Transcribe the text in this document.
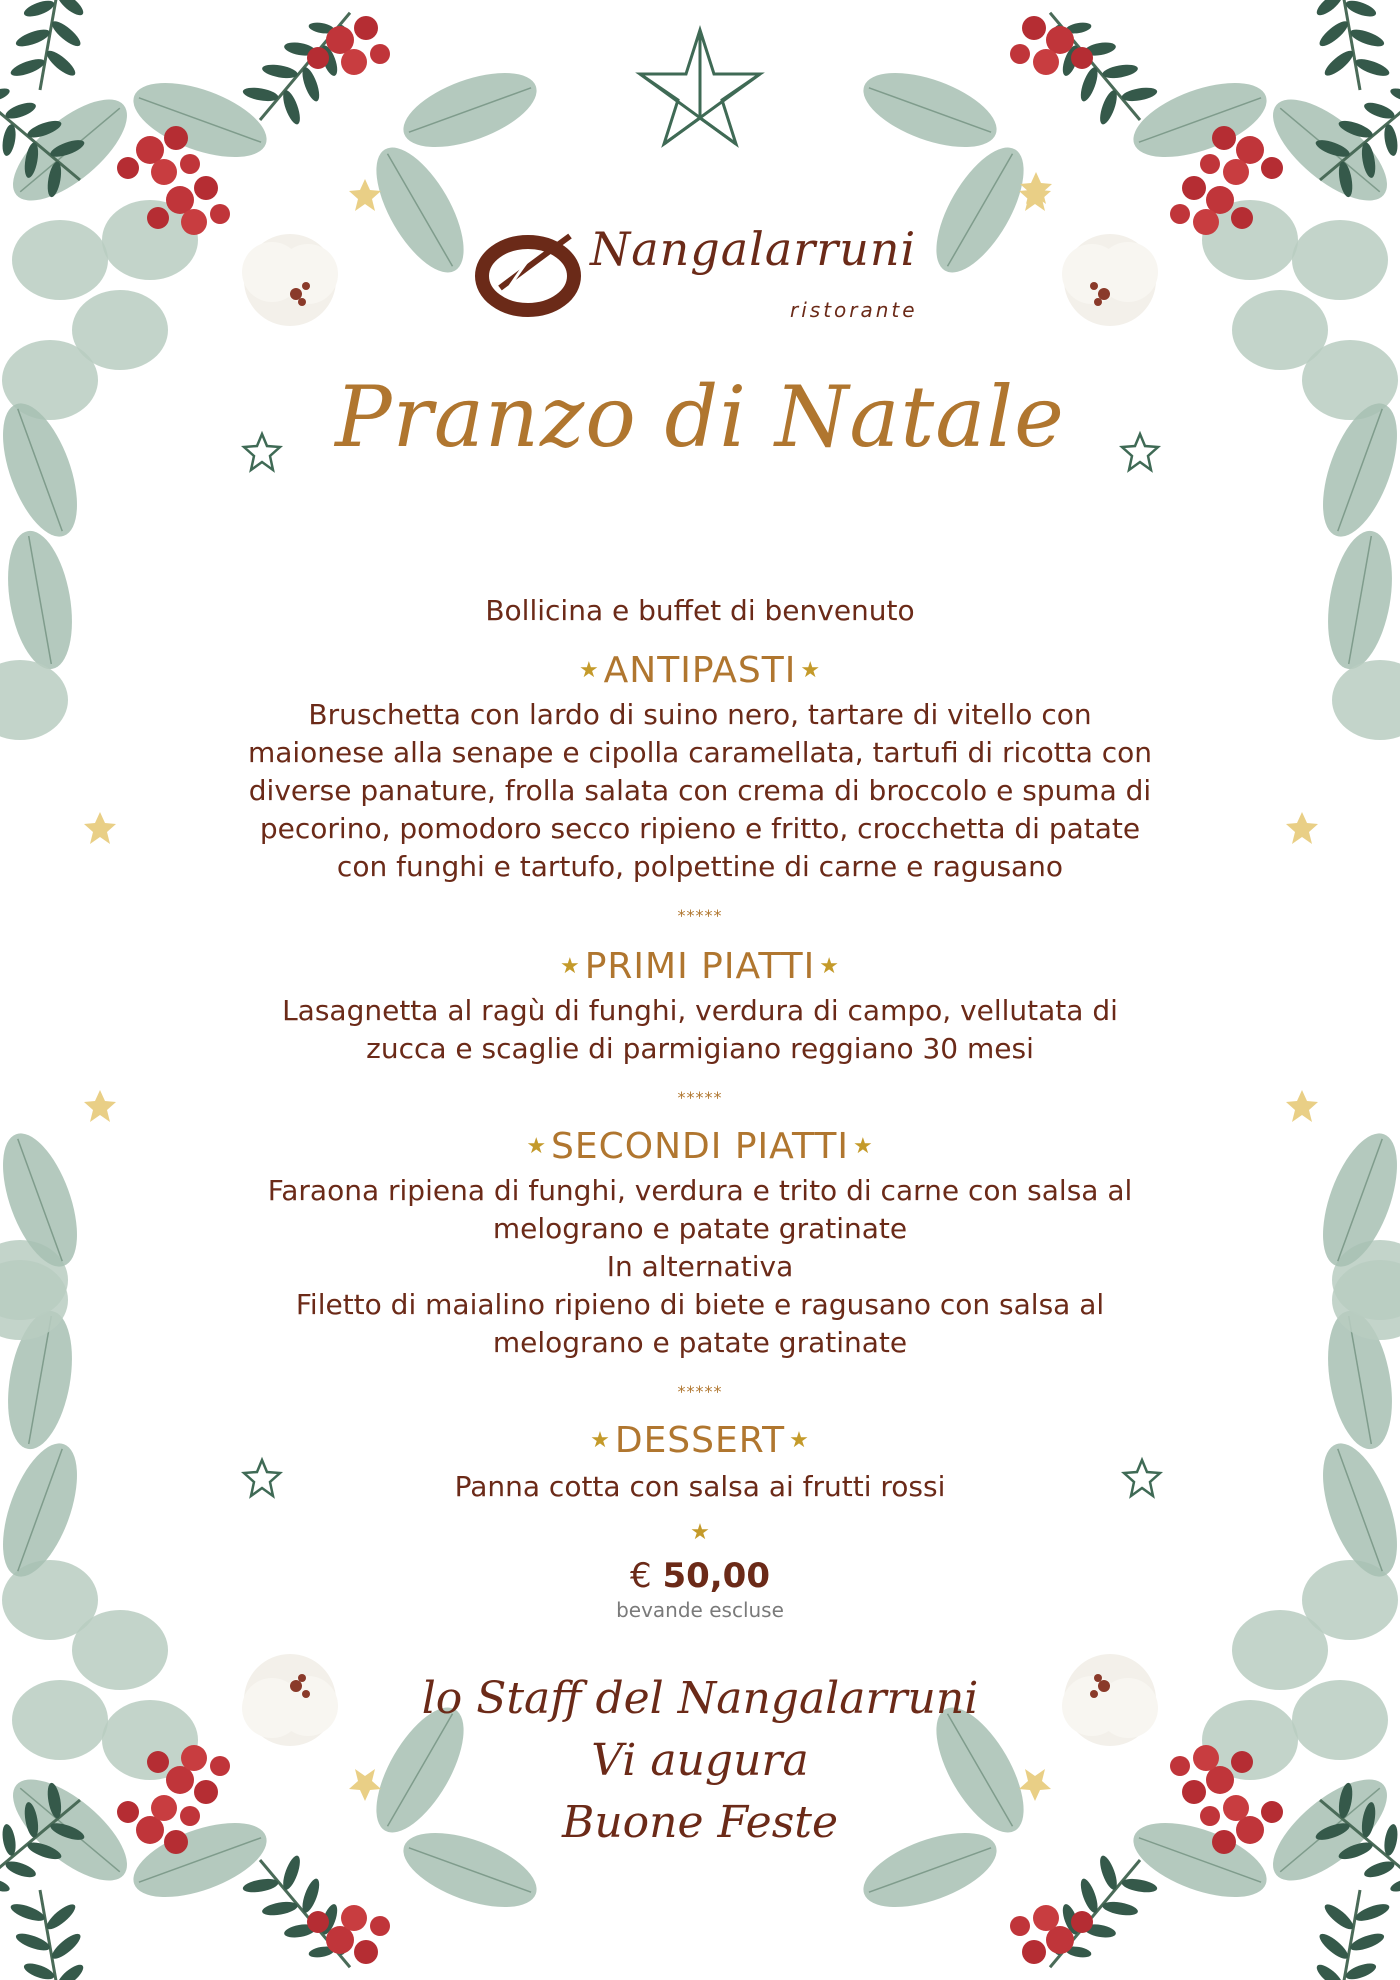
Nangalarruni
ristorante
Pranzo di Natale
Bollicina e buffet di benvenuto
★ ANTIPASTI ★
Bruschetta con lardo di suino nero, tartare di vitello con
maionese alla senape e cipolla caramellata, tartufi di ricotta con
diverse panature, frolla salata con crema di broccolo e spuma di
pecorino, pomodoro secco ripieno e fritto, crocchetta di patate
con funghi e tartufo, polpettine di carne e ragusano
*****
★ PRIMI PIATTI ★
Lasagnetta al ragù di funghi, verdura di campo, vellutata di
zucca e scaglie di parmigiano reggiano 30 mesi
*****
★ SECONDI PIATTI ★
Faraona ripiena di funghi, verdura e trito di carne con salsa al
melograno e patate gratinate
In alternativa
Filetto di maialino ripieno di biete e ragusano con salsa al
melograno e patate gratinate
*****
★ DESSERT ★
Panna cotta con salsa ai frutti rossi
★
€ 50,00
bevande escluse
lo Staff del Nangalarruni
Vi augura
Buone Feste
